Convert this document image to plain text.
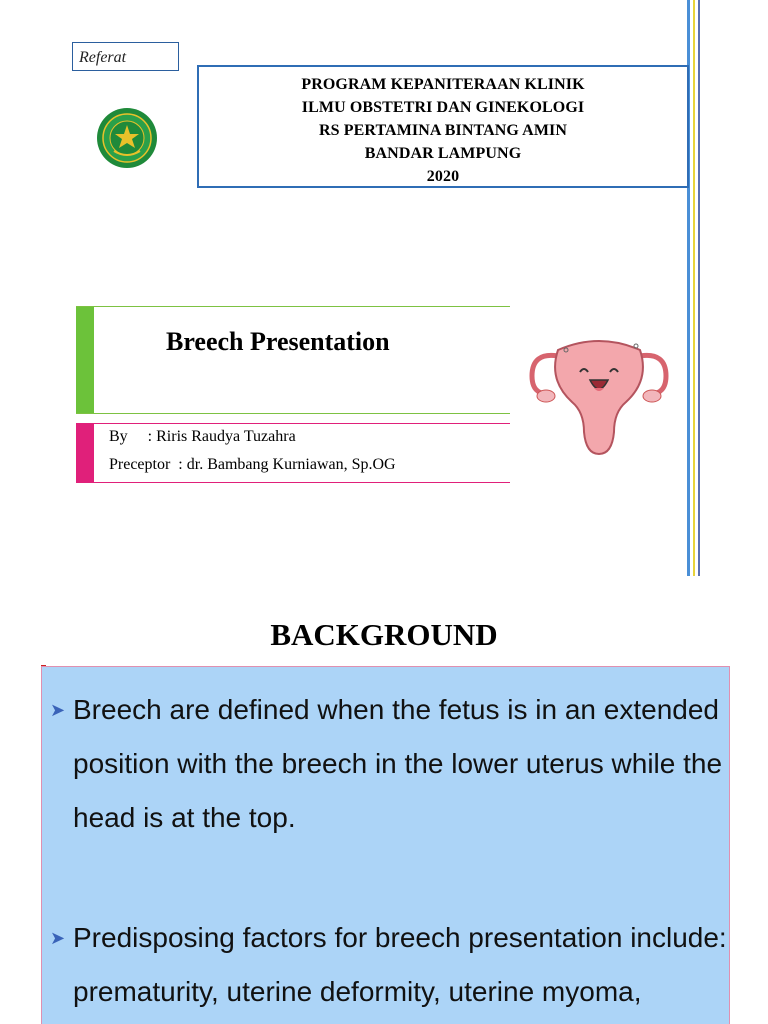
Referat
PROGRAM KEPANITERAAN KLINIK
ILMU OBSTETRI DAN GINEKOLOGI
RS PERTAMINA BINTANG AMIN
BANDAR LAMPUNG
2020
Breech Presentation
By     : Riris Raudya Tuzahra
Preceptor  : dr. Bambang Kurniawan, Sp.OG
BACKGROUND
➤ Breech are defined when the fetus is in an extended position with the breech in the lower uterus while the head is at the top.
➤ Predisposing factors for breech presentation include: prematurity, uterine deformity, uterine myoma,
